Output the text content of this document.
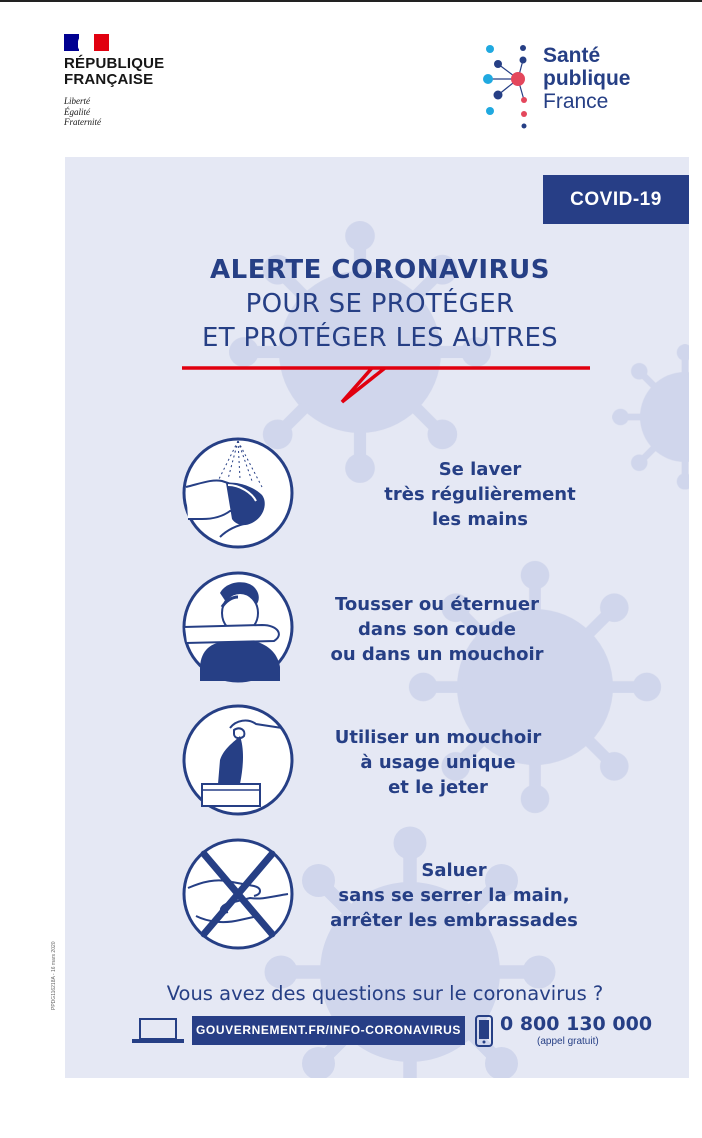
RÉPUBLIQUE
FRANÇAISE
Liberté
Égalité
Fraternité
Santé
publique
France
COVID-19
ALERTE CORONAVIRUS
POUR SE PROTÉGER
ET PROTÉGER LES AUTRES
Se laver
très régulièrement
les mains
Tousser ou éternuer
dans son coude
ou dans un mouchoir
Utiliser un mouchoir
à usage unique
et le jeter
Saluer
sans se serrer la main,
arrêter les embrassades
Vous avez des questions sur le coronavirus ?
GOUVERNEMENT.FR/INFO-CORONAVIRUS 0 800 130 000
(appel gratuit)
PPDG116218A - 16 mars 2020
